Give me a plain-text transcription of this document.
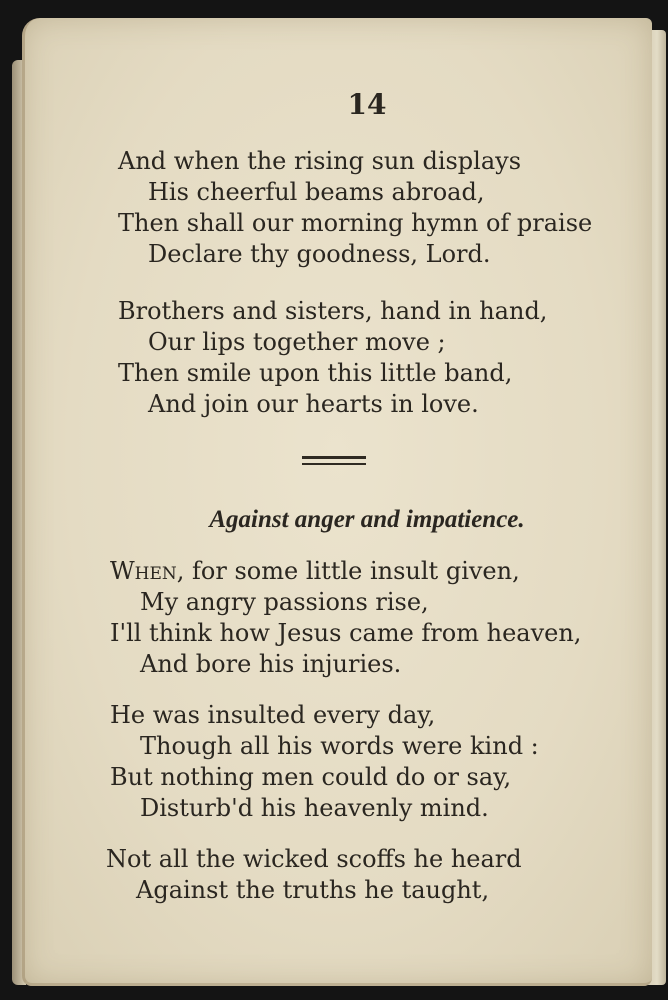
14
And when the rising sun displays
His cheerful beams abroad,
Then shall our morning hymn of praise
Declare thy goodness, Lord.
Brothers and sisters, hand in hand,
Our lips together move ;
Then smile upon this little band,
And join our hearts in love.
Against anger and impatience.
When, for some little insult given,
My angry passions rise,
I'll think how Jesus came from heaven,
And bore his injuries.
He was insulted every day,
Though all his words were kind :
But nothing men could do or say,
Disturb'd his heavenly mind.
Not all the wicked scoffs he heard
Against the truths he taught,
